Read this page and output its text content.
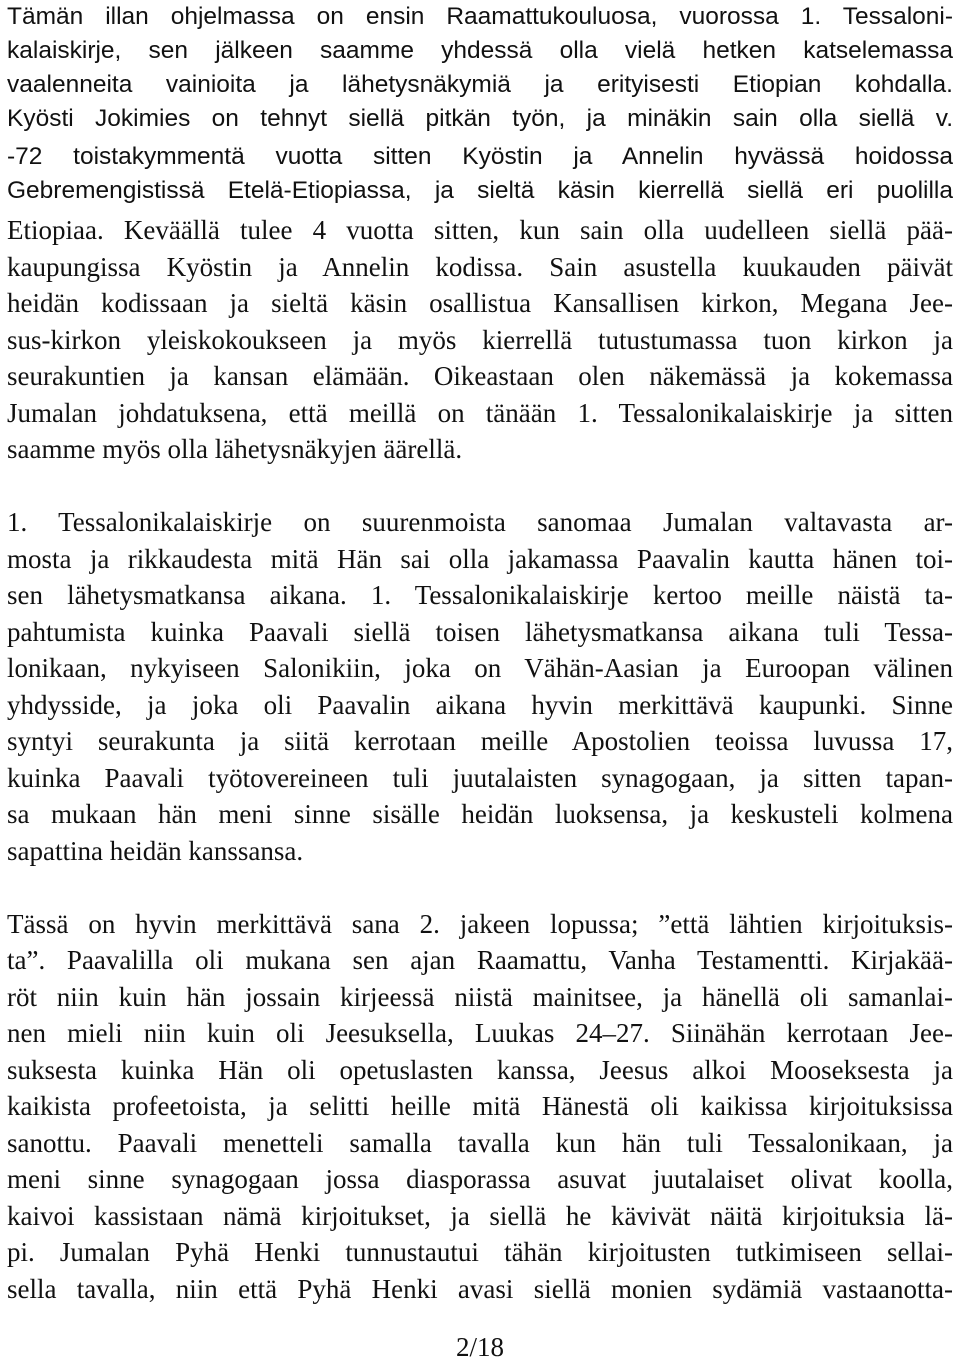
Tämän illan ohjelmassa on ensin Raamattukouluosa, vuorossa 1. Tessaloni-
kalaiskirje, sen jälkeen saamme yhdessä olla vielä hetken katselemassa
vaalenneita vainioita ja lähetysnäkymiä ja erityisesti Etiopian kohdalla.
Kyösti Jokimies on tehnyt siellä pitkän työn, ja minäkin sain olla siellä v.
-72 toistakymmentä vuotta sitten Kyöstin ja Annelin hyvässä hoidossa
Gebremengistissä Etelä-Etiopiassa, ja sieltä käsin kierrellä siellä eri puolilla
Etiopiaa. Keväällä tulee 4 vuotta sitten, kun sain olla uudelleen siellä pää-
kaupungissa Kyöstin ja Annelin kodissa. Sain asustella kuukauden päivät
heidän kodissaan ja sieltä käsin osallistua Kansallisen kirkon, Megana Jee-
sus-kirkon yleiskokoukseen ja myös kierrellä tutustumassa tuon kirkon ja
seurakuntien ja kansan elämään. Oikeastaan olen näkemässä ja kokemassa
Jumalan johdatuksena, että meillä on tänään 1. Tessalonikalaiskirje ja sitten
saamme myös olla lähetysnäkyjen äärellä.
1. Tessalonikalaiskirje on suurenmoista sanomaa Jumalan valtavasta ar-
mosta ja rikkaudesta mitä Hän sai olla jakamassa Paavalin kautta hänen toi-
sen lähetysmatkansa aikana. 1. Tessalonikalaiskirje kertoo meille näistä ta-
pahtumista kuinka Paavali siellä toisen lähetysmatkansa aikana tuli Tessa-
lonikaan, nykyiseen Salonikiin, joka on Vähän-Aasian ja Euroopan välinen
yhdysside, ja joka oli Paavalin aikana hyvin merkittävä kaupunki. Sinne
syntyi seurakunta ja siitä kerrotaan meille Apostolien teoissa luvussa 17,
kuinka Paavali työtovereineen tuli juutalaisten synagogaan, ja sitten tapan-
sa mukaan hän meni sinne sisälle heidän luoksensa, ja keskusteli kolmena
sapattina heidän kanssansa.
Tässä on hyvin merkittävä sana 2. jakeen lopussa; ”että lähtien kirjoituksis-
ta”. Paavalilla oli mukana sen ajan Raamattu, Vanha Testamentti. Kirjakää-
röt niin kuin hän jossain kirjeessä niistä mainitsee, ja hänellä oli samanlai-
nen mieli niin kuin oli Jeesuksella, Luukas 24–27. Siinähän kerrotaan Jee-
suksesta kuinka Hän oli opetuslasten kanssa, Jeesus alkoi Mooseksesta ja
kaikista profeetoista, ja selitti heille mitä Hänestä oli kaikissa kirjoituksissa
sanottu. Paavali menetteli samalla tavalla kun hän tuli Tessalonikaan, ja
meni sinne synagogaan jossa diasporassa asuvat juutalaiset olivat koolla,
kaivoi kassistaan nämä kirjoitukset, ja siellä he kävivät näitä kirjoituksia lä-
pi. Jumalan Pyhä Henki tunnustautui tähän kirjoitusten tutkimiseen sellai-
sella tavalla, niin että Pyhä Henki avasi siellä monien sydämiä vastaanotta-
2/18
